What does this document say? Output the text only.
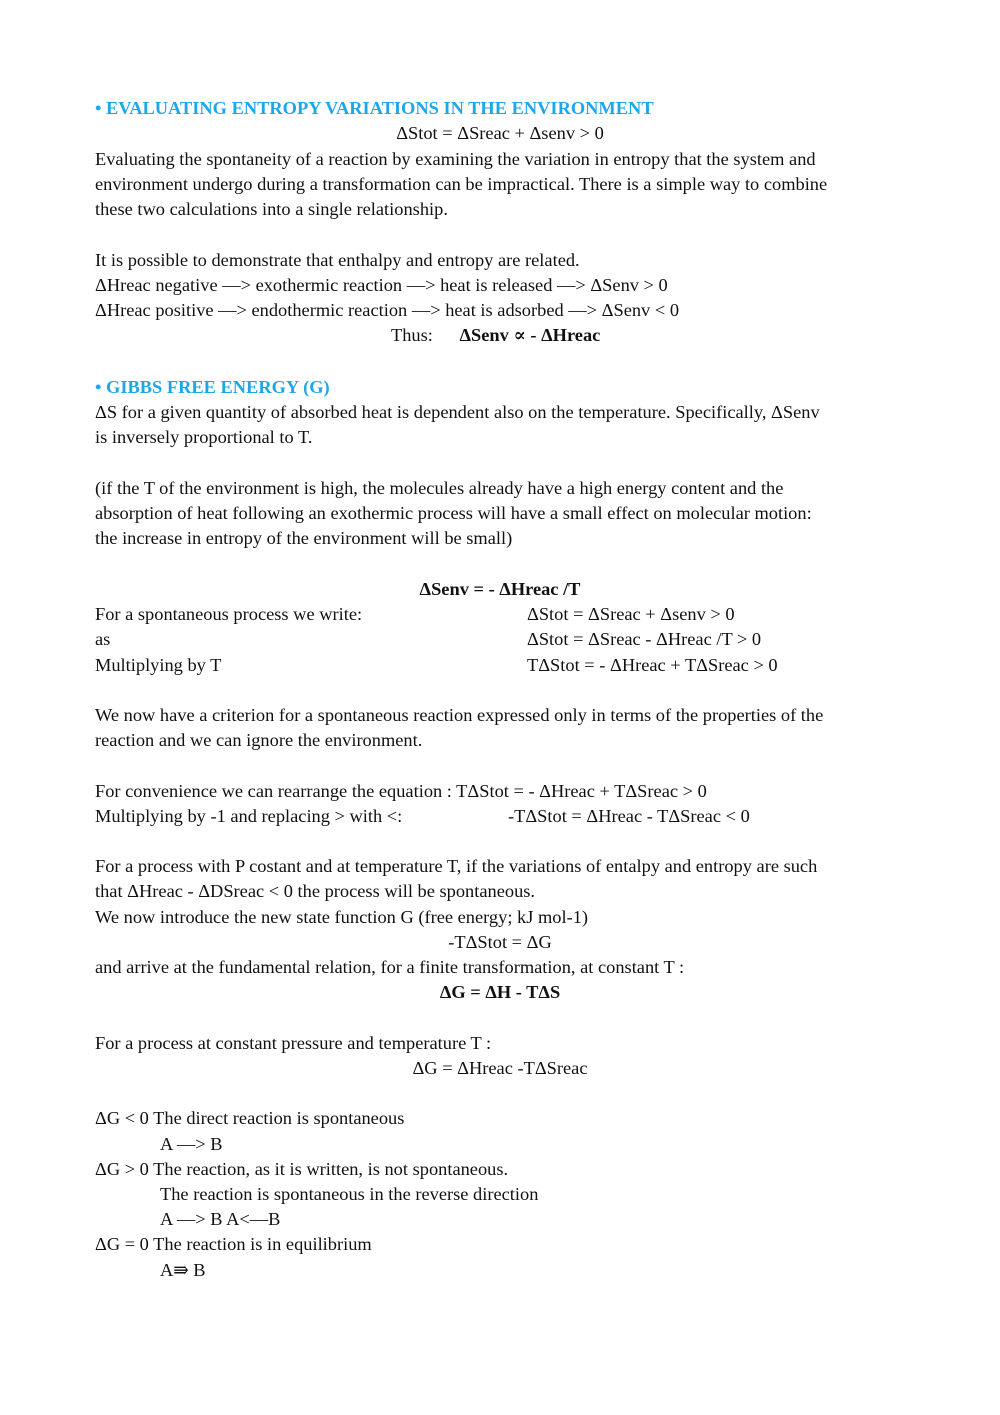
• EVALUATING ENTROPY VARIATIONS IN THE ENVIRONMENT
ΔStot = ΔSreac + Δsenv > 0
Evaluating the spontaneity of a reaction by examining the variation in entropy that the system and
environment undergo during a transformation can be impractical. There is a simple way to combine
these two calculations into a single relationship.
It is possible to demonstrate that enthalpy and entropy are related.
ΔHreac negative —> exothermic reaction —> heat is released —> ΔSenv > 0
ΔHreac positive —> endothermic reaction —> heat is adsorbed —> ΔSenv < 0
Thus: ΔSenv ∝ - ΔHreac
• GIBBS FREE ENERGY (G)
ΔS for a given quantity of absorbed heat is dependent also on the temperature. Specifically, ΔSenv
is inversely proportional to T.
(if the T of the environment is high, the molecules already have a high energy content and the
absorption of heat following an exothermic process will have a small effect on molecular motion:
the increase in entropy of the environment will be small)
ΔSenv = - ΔHreac /T
For a spontaneous process we write:	ΔStot = ΔSreac + Δsenv > 0
as	ΔStot = ΔSreac - ΔHreac /T > 0
Multiplying by T	TΔStot = - ΔHreac + TΔSreac > 0
We now have a criterion for a spontaneous reaction expressed only in terms of the properties of the
reaction and we can ignore the environment.
For convenience we can rearrange the equation : TΔStot = - ΔHreac + TΔSreac > 0
Multiplying by -1 and replacing > with <:	-TΔStot = ΔHreac - TΔSreac < 0
For a process with P costant and at temperature T, if the variations of entalpy and entropy are such
that ΔHreac - ΔDSreac < 0 the process will be spontaneous.
We now introduce the new state function G (free energy; kJ mol-1)
-TΔStot = ΔG
and arrive at the fundamental relation, for a finite transformation, at constant T :
ΔG = ΔH - TΔS
For a process at constant pressure and temperature T :
ΔG = ΔHreac -TΔSreac
ΔG < 0 The direct reaction is spontaneous
A —> B
ΔG > 0 The reaction, as it is written, is not spontaneous.
The reaction is spontaneous in the reverse direction
A —> B A<—B
ΔG = 0 The reaction is in equilibrium
A⇛ B
